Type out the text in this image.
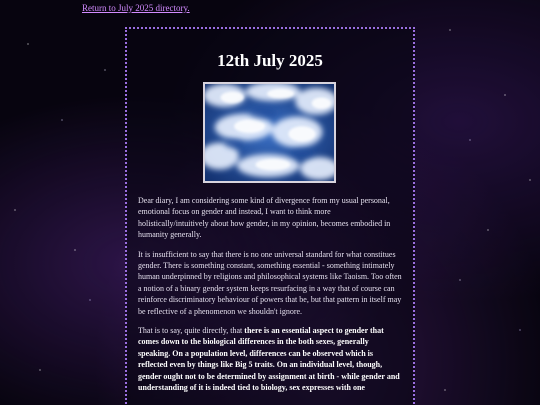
Return to July 2025 directory.
12th July 2025

Dear diary, I am considering some kind of divergence from my usual personal, emotional focus on gender and instead, I want to think more holistically/intuitively about how gender, in my opinion, becomes embodied in humanity generally.

It is insufficient to say that there is no one universal standard for what constitues gender. There is something constant, something essential - something intimately human underpinned by religions and philosophical systems like Taoism. Too often a notion of a binary gender system keeps resurfacing in a way that of course can reinforce discriminatory behaviour of powers that be, but that pattern in itself may be reflective of a phenomenon we shouldn't ignore.

That is to say, quite directly, that there is an essential aspect to gender that comes down to the biological differences in the both sexes, generally speaking. On a population level, differences can be observed which is reflected even by things like Big 5 traits. On an individual level, though, gender ought not to be determined by assignment at birth - while gender and understanding of it is indeed tied to biology, sex expresses with one
